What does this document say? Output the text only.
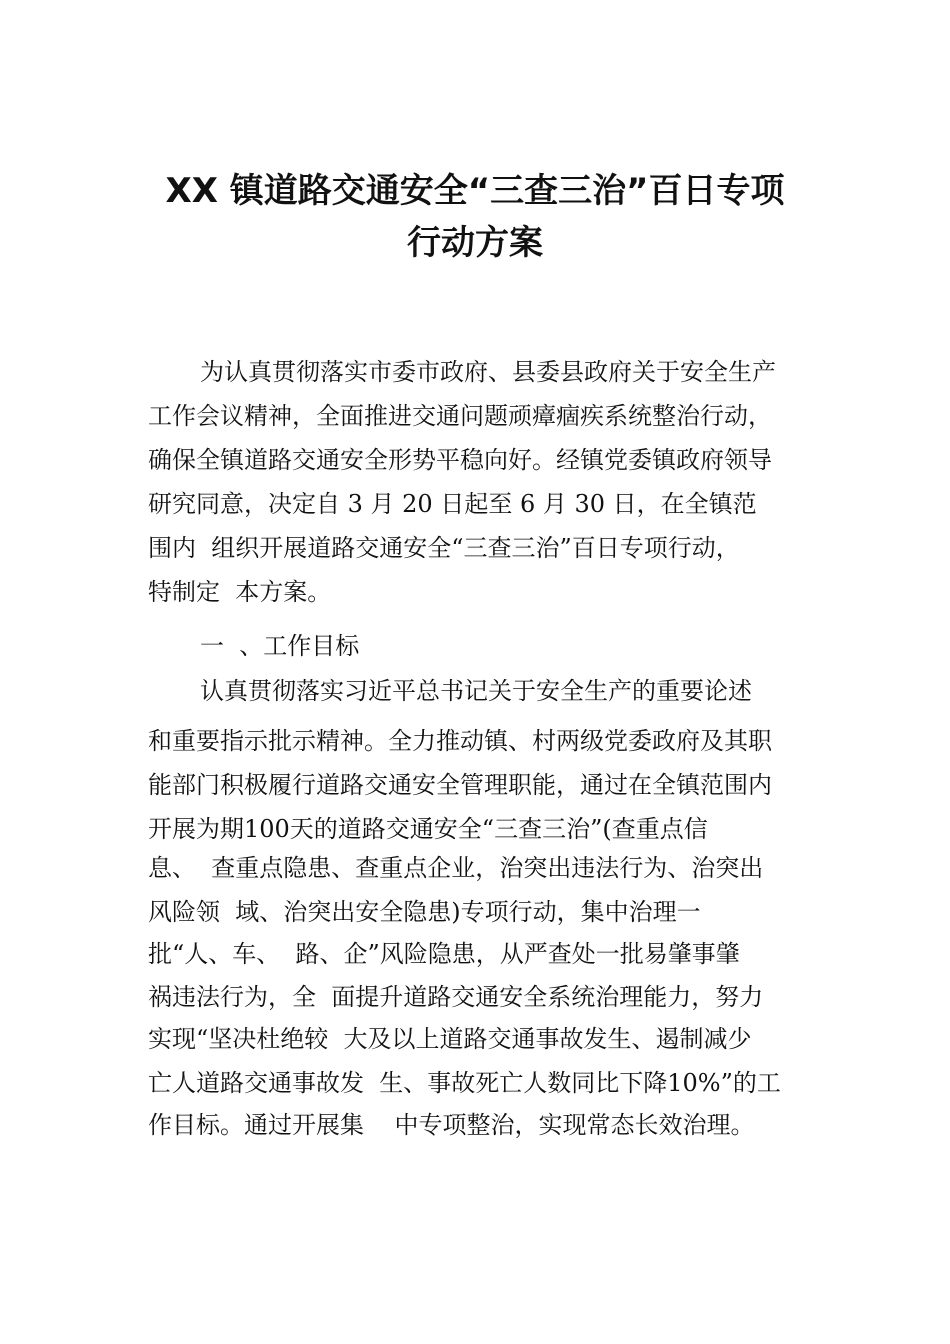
XX 镇道路交通安全“三查三治”百日专项
行动方案
为认真贯彻落实市委市政府、县委县政府关于安全生产
工作会议精神，全面推进交通问题顽瘴痼疾系统整治行动，
确保全镇道路交通安全形势平稳向好。经镇党委镇政府领导
研究同意，决定自 3 月 20 日起至 6 月 30 日，在全镇范
围内  组织开展道路交通安全“三查三治”百日专项行动，
特制定  本方案。
一  、工作目标
认真贯彻落实习近平总书记关于安全生产的重要论述
和重要指示批示精神。全力推动镇、村两级党委政府及其职
能部门积极履行道路交通安全管理职能，通过在全镇范围内
开展为期100天的道路交通安全“三查三治”(查重点信
息、  查重点隐患、查重点企业，治突出违法行为、治突出
风险领  域、治突出安全隐患)专项行动，集中治理一
批“人、车、  路、企”风险隐患，从严查处一批易肇事肇
祸违法行为，全  面提升道路交通安全系统治理能力，努力
实现“坚决杜绝较  大及以上道路交通事故发生、遏制减少
亡人道路交通事故发  生、事故死亡人数同比下降10%”的工
作目标。通过开展集    中专项整治，实现常态长效治理。
